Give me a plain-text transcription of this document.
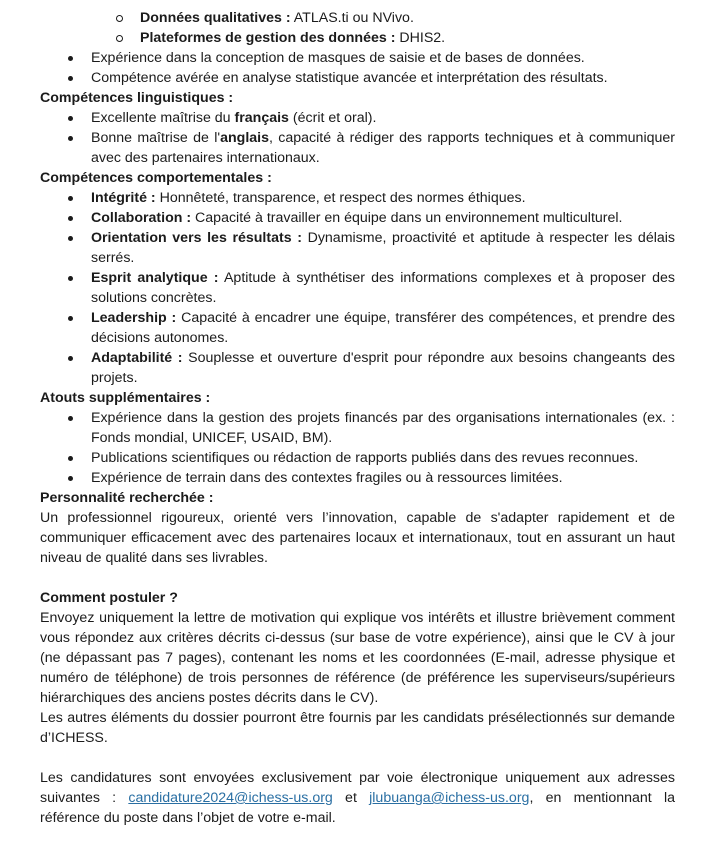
Données qualitatives : ATLAS.ti ou NVivo.
Plateformes de gestion des données : DHIS2.
Expérience dans la conception de masques de saisie et de bases de données.
Compétence avérée en analyse statistique avancée et interprétation des résultats.
Compétences linguistiques :
Excellente maîtrise du français (écrit et oral).
Bonne maîtrise de l'anglais, capacité à rédiger des rapports techniques et à communiquer avec des partenaires internationaux.
Compétences comportementales :
Intégrité : Honnêteté, transparence, et respect des normes éthiques.
Collaboration : Capacité à travailler en équipe dans un environnement multiculturel.
Orientation vers les résultats : Dynamisme, proactivité et aptitude à respecter les délais serrés.
Esprit analytique : Aptitude à synthétiser des informations complexes et à proposer des solutions concrètes.
Leadership : Capacité à encadrer une équipe, transférer des compétences, et prendre des décisions autonomes.
Adaptabilité : Souplesse et ouverture d'esprit pour répondre aux besoins changeants des projets.
Atouts supplémentaires :
Expérience dans la gestion des projets financés par des organisations internationales (ex. : Fonds mondial, UNICEF, USAID, BM).
Publications scientifiques ou rédaction de rapports publiés dans des revues reconnues.
Expérience de terrain dans des contextes fragiles ou à ressources limitées.
Personnalité recherchée :
Un professionnel rigoureux, orienté vers l’innovation, capable de s'adapter rapidement et de communiquer efficacement avec des partenaires locaux et internationaux, tout en assurant un haut niveau de qualité dans ses livrables.
Comment postuler ?
Envoyez uniquement la lettre de motivation qui explique vos intérêts et illustre brièvement comment vous répondez aux critères décrits ci-dessus (sur base de votre expérience), ainsi que le CV à jour (ne dépassant pas 7 pages), contenant les noms et les coordonnées (E-mail, adresse physique et numéro de téléphone) de trois personnes de référence (de préférence les superviseurs/supérieurs hiérarchiques des anciens postes décrits dans le CV).
Les autres éléments du dossier pourront être fournis par les candidats présélectionnés sur demande d’ICHESS.
Les candidatures sont envoyées exclusivement par voie électronique uniquement aux adresses suivantes : candidature2024@ichess-us.org et jlubuanga@ichess-us.org, en mentionnant la référence du poste dans l’objet de votre e-mail.
